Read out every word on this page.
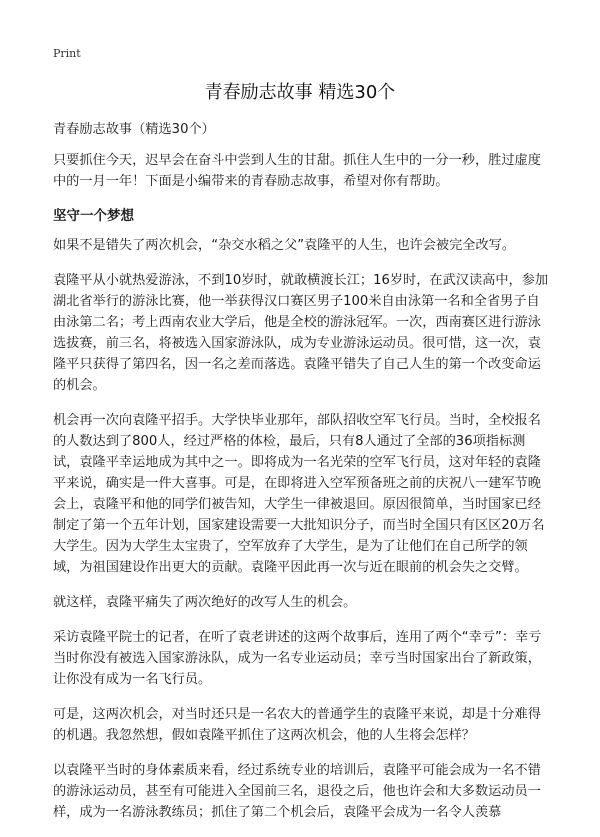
Print
青春励志故事 精选30个

青春励志故事（精选30个）

只要抓住今天，迟早会在奋斗中尝到人生的甘甜。抓住人生中的一分一秒，胜过虚度中的一月一年！下面是小编带来的青春励志故事，希望对你有帮助。

坚守一个梦想

如果不是错失了两次机会，“杂交水稻之父”袁隆平的人生，也许会被完全改写。

袁隆平从小就热爱游泳，不到10岁时，就敢横渡长江；16岁时，在武汉读高中，参加湖北省举行的游泳比赛，他一举获得汉口赛区男子100米自由泳第一名和全省男子自由泳第二名；考上西南农业大学后，他是全校的游泳冠军。一次，西南赛区进行游泳选拔赛，前三名，将被选入国家游泳队，成为专业游泳运动员。很可惜，这一次，袁隆平只获得了第四名，因一名之差而落选。袁隆平错失了自己人生的第一个改变命运的机会。

机会再一次向袁隆平招手。大学快毕业那年，部队招收空军飞行员。当时，全校报名的人数达到了800人，经过严格的体检，最后，只有8人通过了全部的36项指标测试，袁隆平幸运地成为其中之一。即将成为一名光荣的空军飞行员，这对年轻的袁隆平来说，确实是一件大喜事。可是，在即将进入空军预备班之前的庆祝八一建军节晚会上，袁隆平和他的同学们被告知，大学生一律被退回。原因很简单，当时国家已经制定了第一个五年计划，国家建设需要一大批知识分子，而当时全国只有区区20万名大学生。因为大学生太宝贵了，空军放弃了大学生，是为了让他们在自己所学的领域，为祖国建设作出更大的贡献。袁隆平因此再一次与近在眼前的机会失之交臂。

就这样，袁隆平痛失了两次绝好的改写人生的机会。

采访袁隆平院士的记者，在听了袁老讲述的这两个故事后，连用了两个“幸亏”：幸亏当时你没有被选入国家游泳队，成为一名专业运动员；幸亏当时国家出台了新政策，让你没有成为一名飞行员。

可是，这两次机会，对当时还只是一名农大的普通学生的袁隆平来说，却是十分难得的机遇。我忽然想，假如袁隆平抓住了这两次机会，他的人生将会怎样？

以袁隆平当时的身体素质来看，经过系统专业的培训后，袁隆平可能会成为一名不错的游泳运动员，甚至有可能进入全国前三名，退役之后，他也许会和大多数运动员一样，成为一名游泳教练员；抓住了第二个机会后，袁隆平会成为一名令人羡慕
